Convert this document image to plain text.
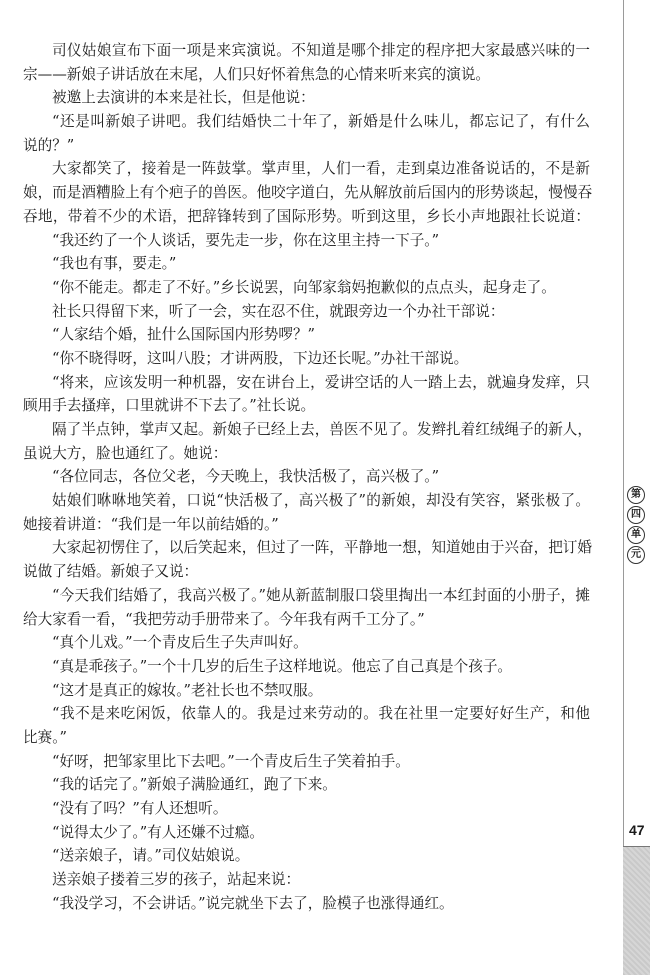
司仪姑娘宣布下面一项是来宾演说。不知道是哪个排定的程序把大家最感兴味的一
宗——新娘子讲话放在末尾，人们只好怀着焦急的心情来听来宾的演说。
被邀上去演讲的本来是社长，但是他说：
“还是叫新娘子讲吧。我们结婚快二十年了，新婚是什么味儿，都忘记了，有什么
说的？”
大家都笑了，接着是一阵鼓掌。掌声里，人们一看，走到桌边准备说话的，不是新
娘，而是酒糟脸上有个疤子的兽医。他咬字道白，先从解放前后国内的形势谈起，慢慢吞
吞地，带着不少的术语，把辞锋转到了国际形势。听到这里，乡长小声地跟社长说道：
“我还约了一个人谈话，要先走一步，你在这里主持一下子。”
“我也有事，要走。”
“你不能走。都走了不好。”乡长说罢，向邹家翁妈抱歉似的点点头，起身走了。
社长只得留下来，听了一会，实在忍不住，就跟旁边一个办社干部说：
“人家结个婚，扯什么国际国内形势啰？”
“你不晓得呀，这叫八股；才讲两股，下边还长呢。”办社干部说。
“将来，应该发明一种机器，安在讲台上，爱讲空话的人一踏上去，就遍身发痒，只
顾用手去搔痒，口里就讲不下去了。”社长说。
隔了半点钟，掌声又起。新娘子已经上去，兽医不见了。发辫扎着红绒绳子的新人，
虽说大方，脸也通红了。她说：
“各位同志，各位父老，今天晚上，我快活极了，高兴极了。”
姑娘们咻咻地笑着，口说“快活极了，高兴极了”的新娘，却没有笑容，紧张极了。
她接着讲道：“我们是一年以前结婚的。”
大家起初愣住了，以后笑起来，但过了一阵，平静地一想，知道她由于兴奋，把订婚
说做了结婚。新娘子又说：
“今天我们结婚了，我高兴极了。”她从新蓝制服口袋里掏出一本红封面的小册子，摊
给大家看一看，“我把劳动手册带来了。今年我有两千工分了。”
“真个儿戏。”一个青皮后生子失声叫好。
“真是乖孩子。”一个十几岁的后生子这样地说。他忘了自己真是个孩子。
“这才是真正的嫁妆。”老社长也不禁叹服。
“我不是来吃闲饭，依靠人的。我是过来劳动的。我在社里一定要好好生产，和他
比赛。”
“好呀，把邹家里比下去吧。”一个青皮后生子笑着拍手。
“我的话完了。”新娘子满脸通红，跑了下来。
“没有了吗？”有人还想听。
“说得太少了。”有人还嫌不过瘾。
“送亲娘子，请。”司仪姑娘说。
送亲娘子搂着三岁的孩子，站起来说：
“我没学习，不会讲话。”说完就坐下去了，脸模子也涨得通红。
第
四
单
元
47
